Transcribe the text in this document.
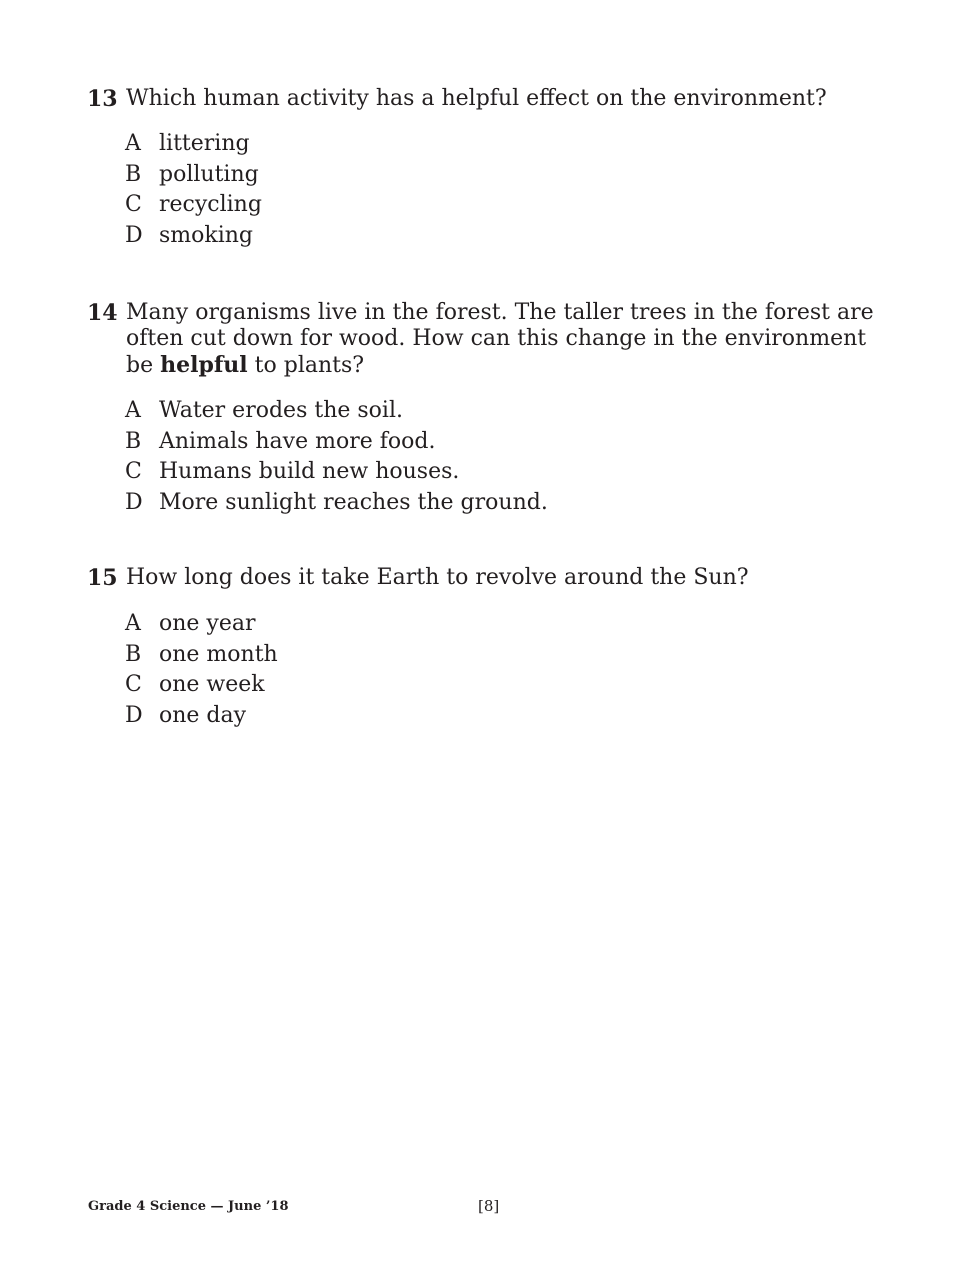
13 Which human activity has a helpful effect on the environment?
A littering
B polluting
C recycling
D smoking
14 Many organisms live in the forest. The taller trees in the forest are often cut down for wood. How can this change in the environment be helpful to plants?
A Water erodes the soil.
B Animals have more food.
C Humans build new houses.
D More sunlight reaches the ground.
15 How long does it take Earth to revolve around the Sun?
A one year
B one month
C one week
D one day
Grade 4 Science — June ’18	[8]
